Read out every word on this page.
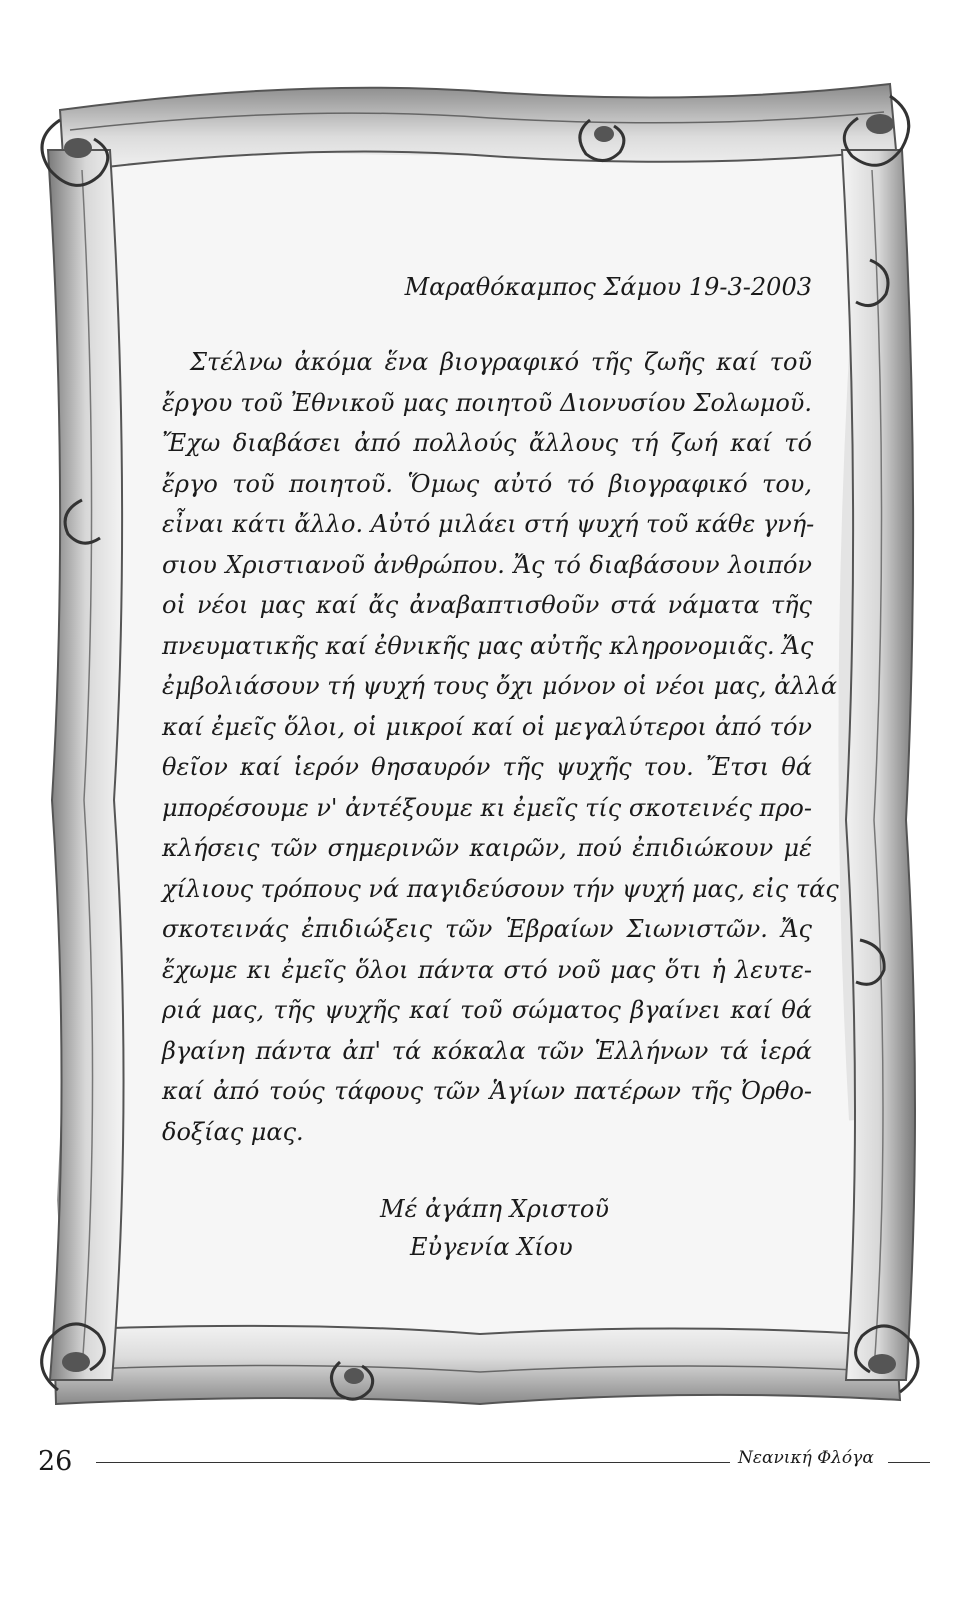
Μαραθόκαμπος Σάμου 19-3-2003
Στέλνω ἀκόμα ἕνα βιογραφικό τῆς ζωῆς καί τοῦ
ἔργου τοῦ Ἐθνικοῦ μας ποιητοῦ Διονυσίου Σολωμοῦ.
Ἔχω διαβάσει ἀπό πολλούς ἄλλους τή ζωή καί τό
ἔργο τοῦ ποιητοῦ. Ὅμως αὐτό τό βιογραφικό του,
εἶναι κάτι ἄλλο. Αὐτό μιλάει στή ψυχή τοῦ κάθε γνή-
σιου Χριστιανοῦ ἀνθρώπου. Ἄς τό διαβάσουν λοιπόν
οἱ νέοι μας καί ἄς ἀναβαπτισθοῦν στά νάματα τῆς
πνευματικῆς καί ἐθνικῆς μας αὐτῆς κληρονομιᾶς. Ἄς
ἐμβολιάσουν τή ψυχή τους ὄχι μόνον οἱ νέοι μας, ἀλλά
καί ἐμεῖς ὅλοι, οἱ μικροί καί οἱ μεγαλύτεροι ἀπό τόν
θεῖον καί ἱερόν θησαυρόν τῆς ψυχῆς του. Ἔτσι θά
μπορέσουμε ν' ἀντέξουμε κι ἐμεῖς τίς σκοτεινές προ-
κλήσεις τῶν σημερινῶν καιρῶν, πού ἐπιδιώκουν μέ
χίλιους τρόπους νά παγιδεύσουν τήν ψυχή μας, εἰς τάς
σκοτεινάς ἐπιδιώξεις τῶν Ἑβραίων Σιωνιστῶν. Ἄς
ἔχωμε κι ἐμεῖς ὅλοι πάντα στό νοῦ μας ὅτι ἡ λευτε-
ριά μας, τῆς ψυχῆς καί τοῦ σώματος βγαίνει καί θά
βγαίνη πάντα ἀπ' τά κόκαλα τῶν Ἑλλήνων τά ἱερά
καί ἀπό τούς τάφους τῶν Ἁγίων πατέρων τῆς Ὀρθο-
δοξίας μας.
Μέ ἀγάπη Χριστοῦ
Εὐγενία Χίου
26	Νεανική Φλόγα
